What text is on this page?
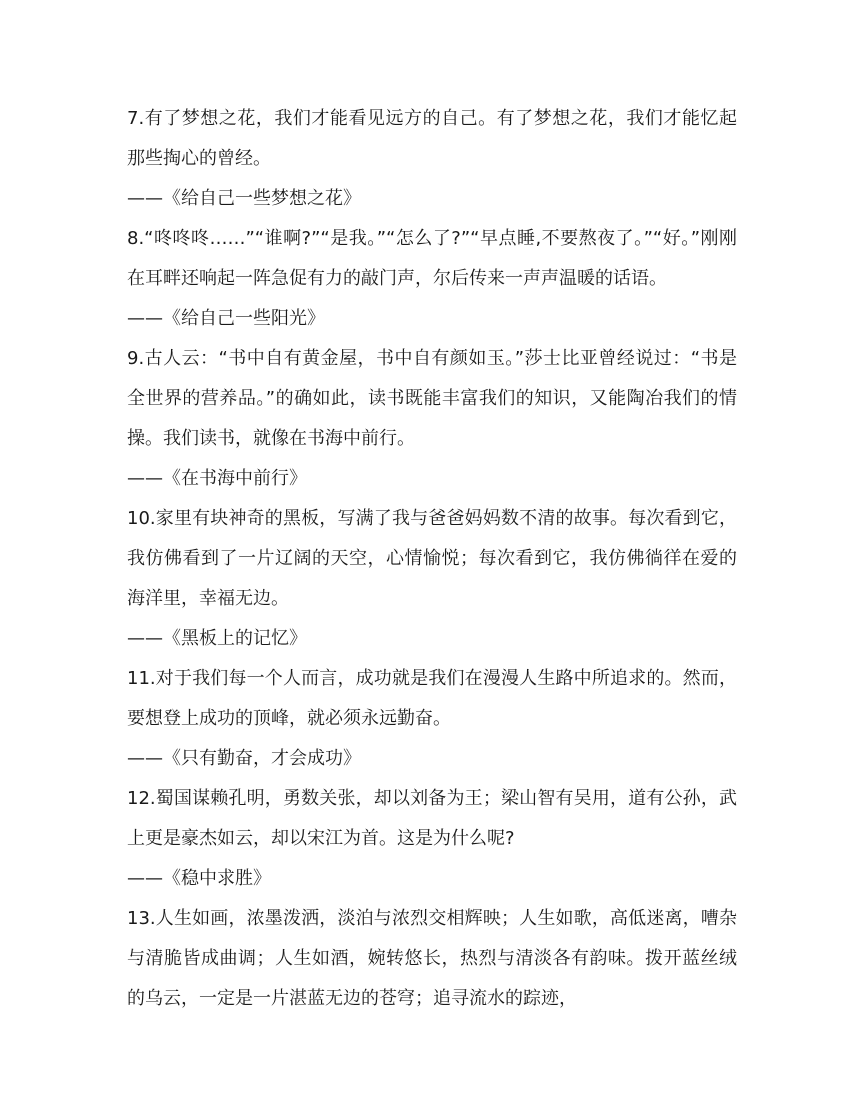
7.有了梦想之花，我们才能看见远方的自己。有了梦想之花，我们才能忆起那些掏心的曾经。

——《给自己一些梦想之花》

8.“咚咚咚……”“谁啊?”“是我。”“怎么了?”“早点睡,不要熬夜了。”“好。”刚刚在耳畔还响起一阵急促有力的敲门声，尔后传来一声声温暖的话语。

——《给自己一些阳光》

9.古人云：“书中自有黄金屋，书中自有颜如玉。”莎士比亚曾经说过：“书是全世界的营养品。”的确如此，读书既能丰富我们的知识，又能陶冶我们的情操。我们读书，就像在书海中前行。

——《在书海中前行》

10.家里有块神奇的黑板，写满了我与爸爸妈妈数不清的故事。每次看到它，我仿佛看到了一片辽阔的天空，心情愉悦；每次看到它，我仿佛徜徉在爱的海洋里，幸福无边。

——《黑板上的记忆》

11.对于我们每一个人而言，成功就是我们在漫漫人生路中所追求的。然而，要想登上成功的顶峰，就必须永远勤奋。

——《只有勤奋，才会成功》

12.蜀国谋赖孔明，勇数关张，却以刘备为王；梁山智有吴用，道有公孙，武上更是豪杰如云，却以宋江为首。这是为什么呢?

——《稳中求胜》

13.人生如画，浓墨泼洒，淡泊与浓烈交相辉映；人生如歌，高低迷离，嘈杂与清脆皆成曲调；人生如酒，婉转悠长，热烈与清淡各有韵味。拨开蓝丝绒的乌云，一定是一片湛蓝无边的苍穹；追寻流水的踪迹，
